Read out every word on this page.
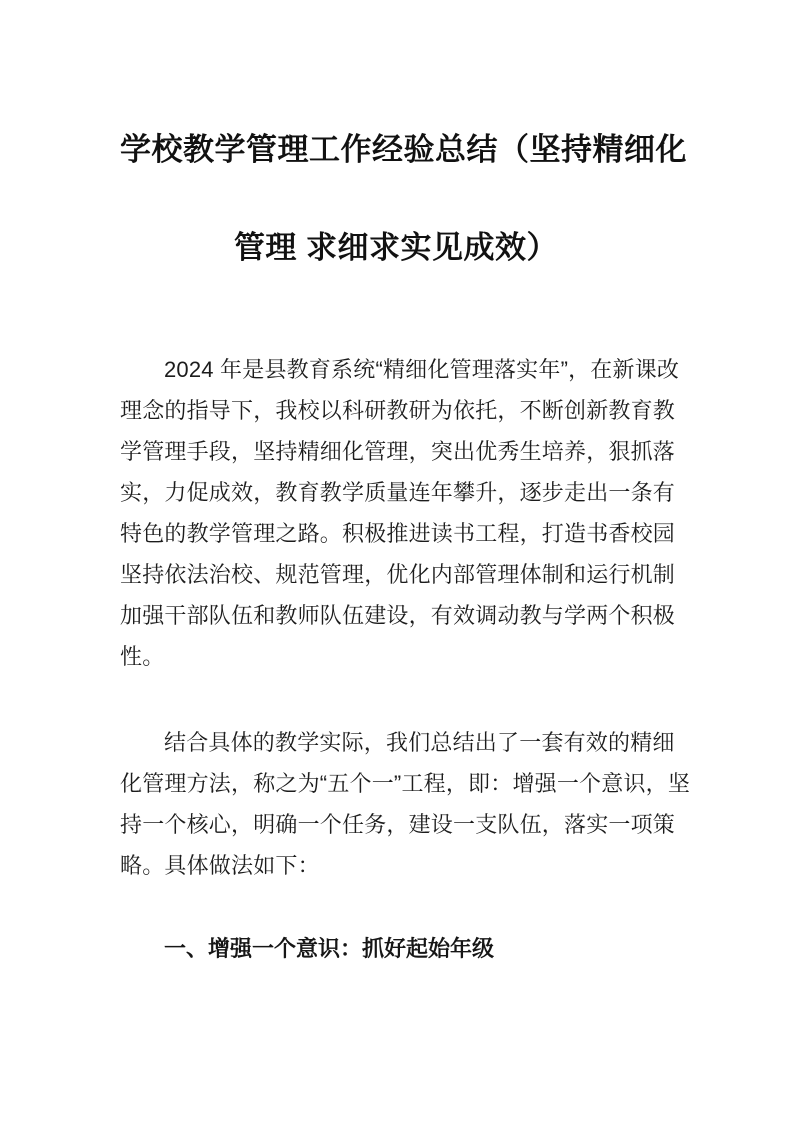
学校教学管理工作经验总结（坚持精细化
管理 求细求实见成效）
2024 年是县教育系统“精细化管理落实年”，在新课改
理念的指导下，我校以科研教研为依托，不断创新教育教
学管理手段，坚持精细化管理，突出优秀生培养，狠抓落
实，力促成效，教育教学质量连年攀升，逐步走出一条有
特色的教学管理之路。积极推进读书工程，打造书香校园
坚持依法治校、规范管理，优化内部管理体制和运行机制
加强干部队伍和教师队伍建设，有效调动教与学两个积极
性。
结合具体的教学实际，我们总结出了一套有效的精细
化管理方法，称之为“五个一”工程，即：增强一个意识，坚
持一个核心，明确一个任务，建设一支队伍，落实一项策
略。具体做法如下：
一、增强一个意识：抓好起始年级
